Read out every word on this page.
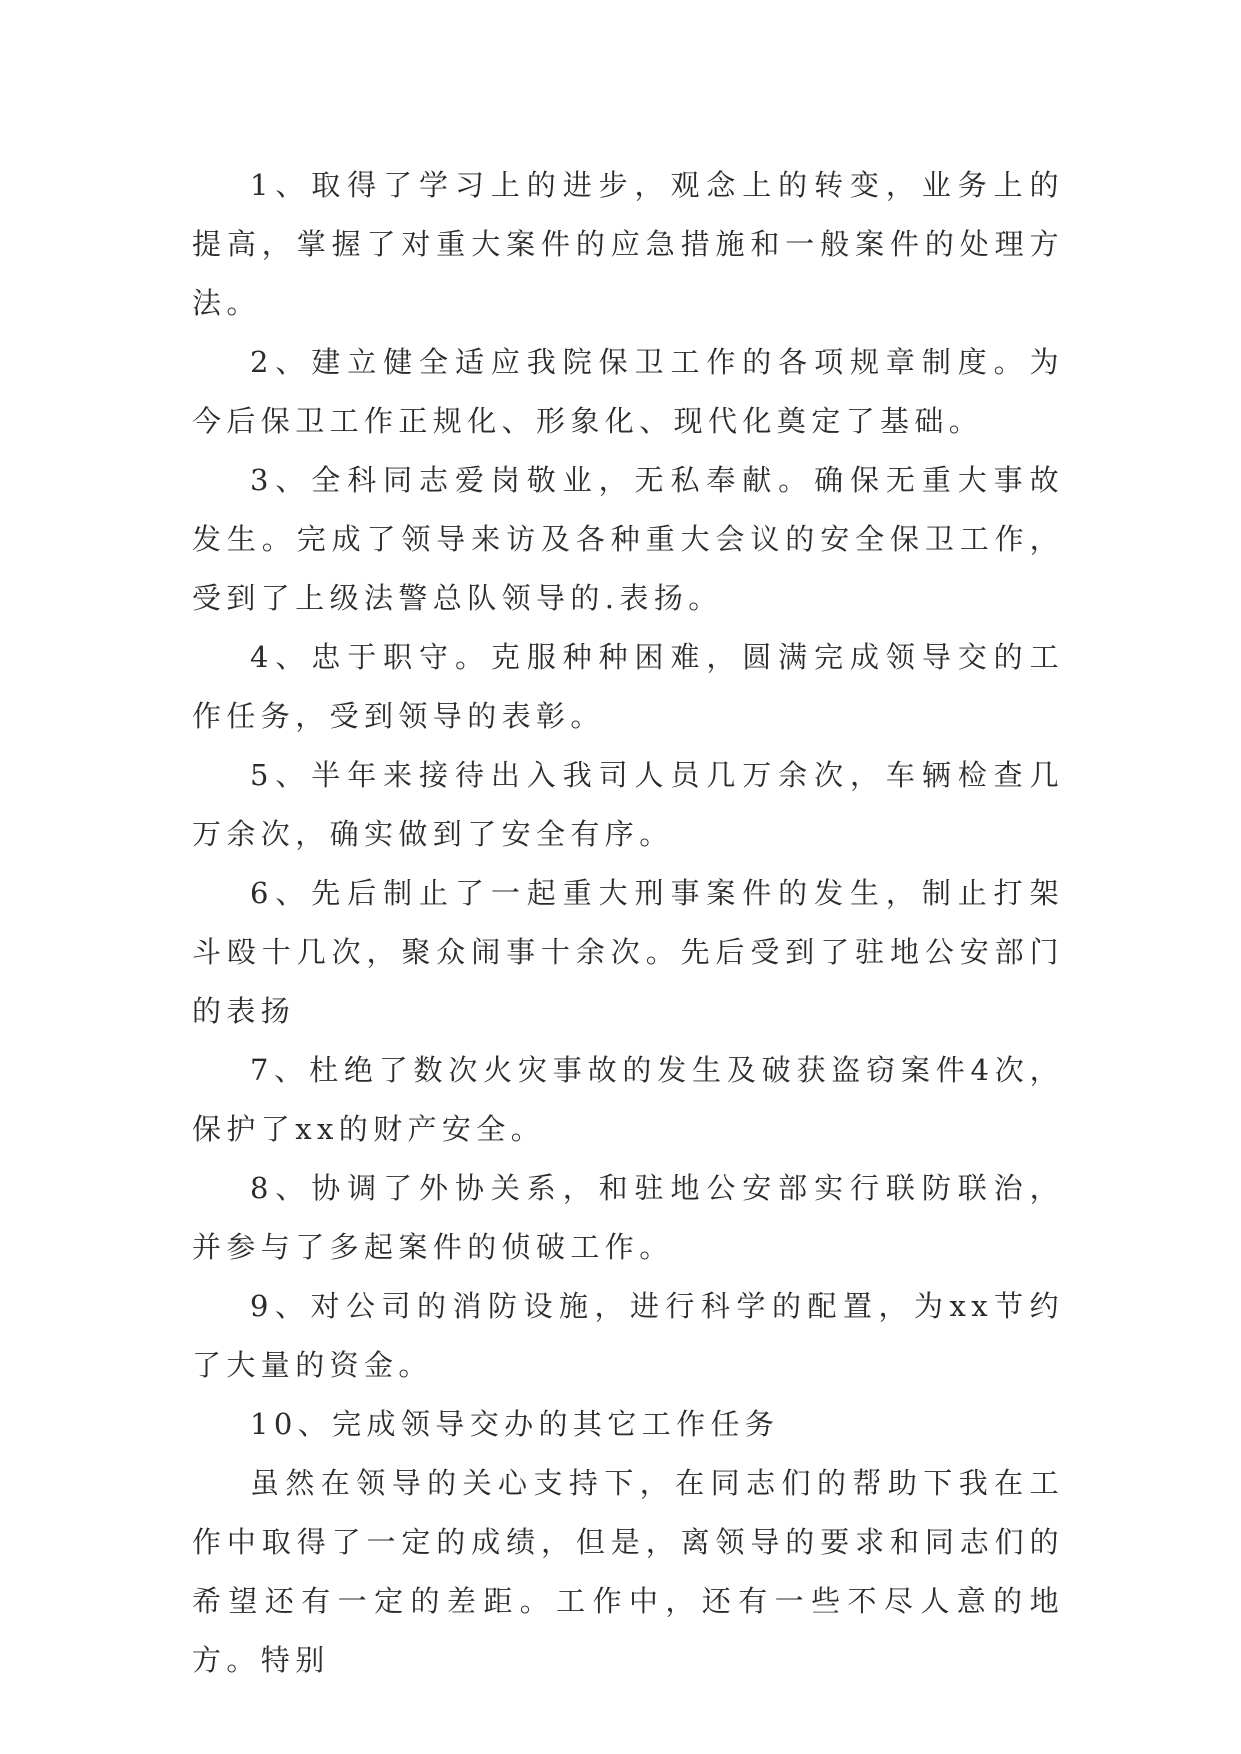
1、取得了学习上的进步，观念上的转变，业务上的提高，掌握了对重大案件的应急措施和一般案件的处理方法。

2、建立健全适应我院保卫工作的各项规章制度。为今后保卫工作正规化、形象化、现代化奠定了基础。

3、全科同志爱岗敬业，无私奉献。确保无重大事故发生。完成了领导来访及各种重大会议的安全保卫工作，受到了上级法警总队领导的.表扬。

4、忠于职守。克服种种困难，圆满完成领导交的工作任务，受到领导的表彰。

5、半年来接待出入我司人员几万余次，车辆检查几万余次，确实做到了安全有序。

6、先后制止了一起重大刑事案件的发生，制止打架斗殴十几次，聚众闹事十余次。先后受到了驻地公安部门的表扬

7、杜绝了数次火灾事故的发生及破获盗窃案件4次，保护了xx的财产安全。

8、协调了外协关系，和驻地公安部实行联防联治，并参与了多起案件的侦破工作。

9、对公司的消防设施，进行科学的配置，为xx节约了大量的资金。

10、完成领导交办的其它工作任务

虽然在领导的关心支持下，在同志们的帮助下我在工作中取得了一定的成绩，但是，离领导的要求和同志们的希望还有一定的差距。工作中，还有一些不尽人意的地方。特别
